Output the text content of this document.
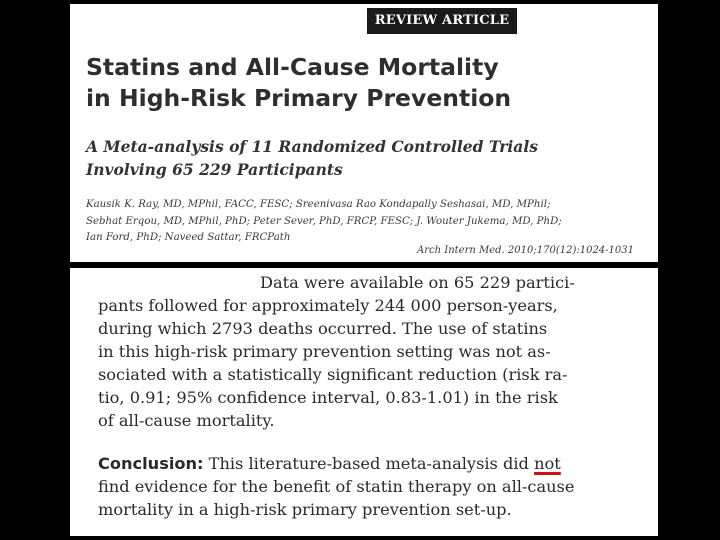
REVIEW ARTICLE
Statins and All-Cause Mortality
in High-Risk Primary Prevention
A Meta-analysis of 11 Randomized Controlled Trials
Involving 65 229 Participants
Kausik K. Ray, MD, MPhil, FACC, FESC; Sreenivasa Rao Kondapally Seshasai, MD, MPhil;
Sebhat Erqou, MD, MPhil, PhD; Peter Sever, PhD, FRCP, FESC; J. Wouter Jukema, MD, PhD;
Ian Ford, PhD; Naveed Sattar, FRCPath
Arch Intern Med. 2010;170(12):1024-1031
Data were available on 65 229 partici-
pants followed for approximately 244 000 person-years,
during which 2793 deaths occurred. The use of statins
in this high-risk primary prevention setting was not as-
sociated with a statistically significant reduction (risk ra-
tio, 0.91; 95% confidence interval, 0.83-1.01) in the risk
of all-cause mortality.
Conclusion: This literature-based meta-analysis did not
find evidence for the benefit of statin therapy on all-cause
mortality in a high-risk primary prevention set-up.
